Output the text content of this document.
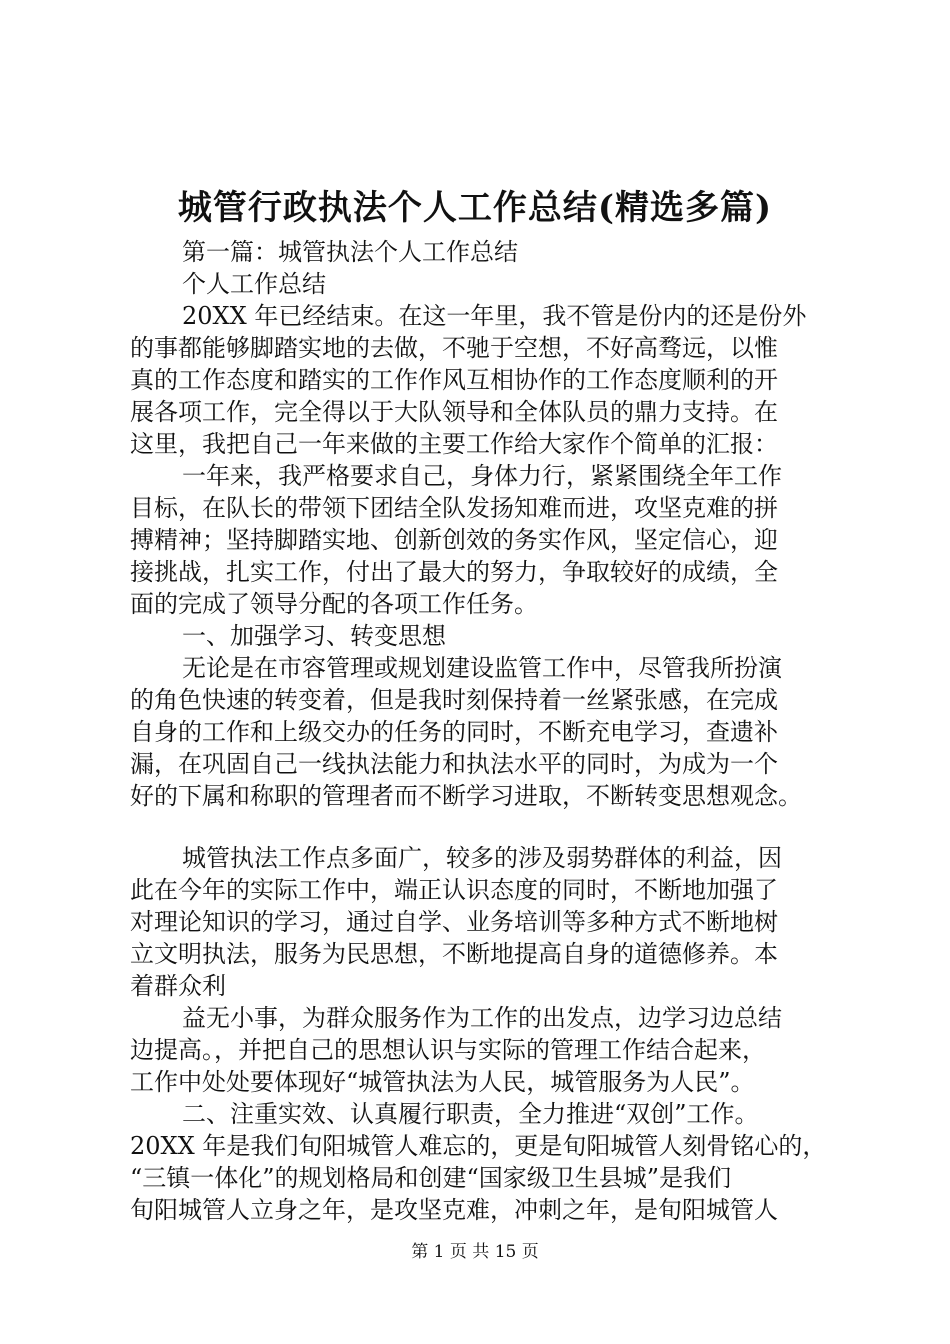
城管行政执法个人工作总结(精选多篇)
第一篇：城管执法个人工作总结
个人工作总结
20XX 年已经结束。在这一年里，我不管是份内的还是份外
的事都能够脚踏实地的去做，不驰于空想，不好高骛远，以惟
真的工作态度和踏实的工作作风互相协作的工作态度顺利的开
展各项工作，完全得以于大队领导和全体队员的鼎力支持。在
这里，我把自己一年来做的主要工作给大家作个简单的汇报：
一年来，我严格要求自己，身体力行，紧紧围绕全年工作
目标，在队长的带领下团结全队发扬知难而进，攻坚克难的拼
搏精神；坚持脚踏实地、创新创效的务实作风，坚定信心，迎
接挑战，扎实工作，付出了最大的努力，争取较好的成绩，全
面的完成了领导分配的各项工作任务。
一、加强学习、转变思想
无论是在市容管理或规划建设监管工作中，尽管我所扮演
的角色快速的转变着，但是我时刻保持着一丝紧张感，在完成
自身的工作和上级交办的任务的同时，不断充电学习，查遗补
漏，在巩固自己一线执法能力和执法水平的同时，为成为一个
好的下属和称职的管理者而不断学习进取，不断转变思想观念。
城管执法工作点多面广，较多的涉及弱势群体的利益，因
此在今年的实际工作中，端正认识态度的同时，不断地加强了
对理论知识的学习，通过自学、业务培训等多种方式不断地树
立文明执法，服务为民思想，不断地提高自身的道德修养。本
着群众利
益无小事，为群众服务作为工作的出发点，边学习边总结
边提高。，并把自己的思想认识与实际的管理工作结合起来，
工作中处处要体现好“城管执法为人民，城管服务为人民”。
二、注重实效、认真履行职责，全力推进“双创”工作。
20XX 年是我们旬阳城管人难忘的，更是旬阳城管人刻骨铭心的，
“三镇一体化”的规划格局和创建“国家级卫生县城”是我们
旬阳城管人立身之年，是攻坚克难，冲刺之年，是旬阳城管人
第 1 页 共 15 页
